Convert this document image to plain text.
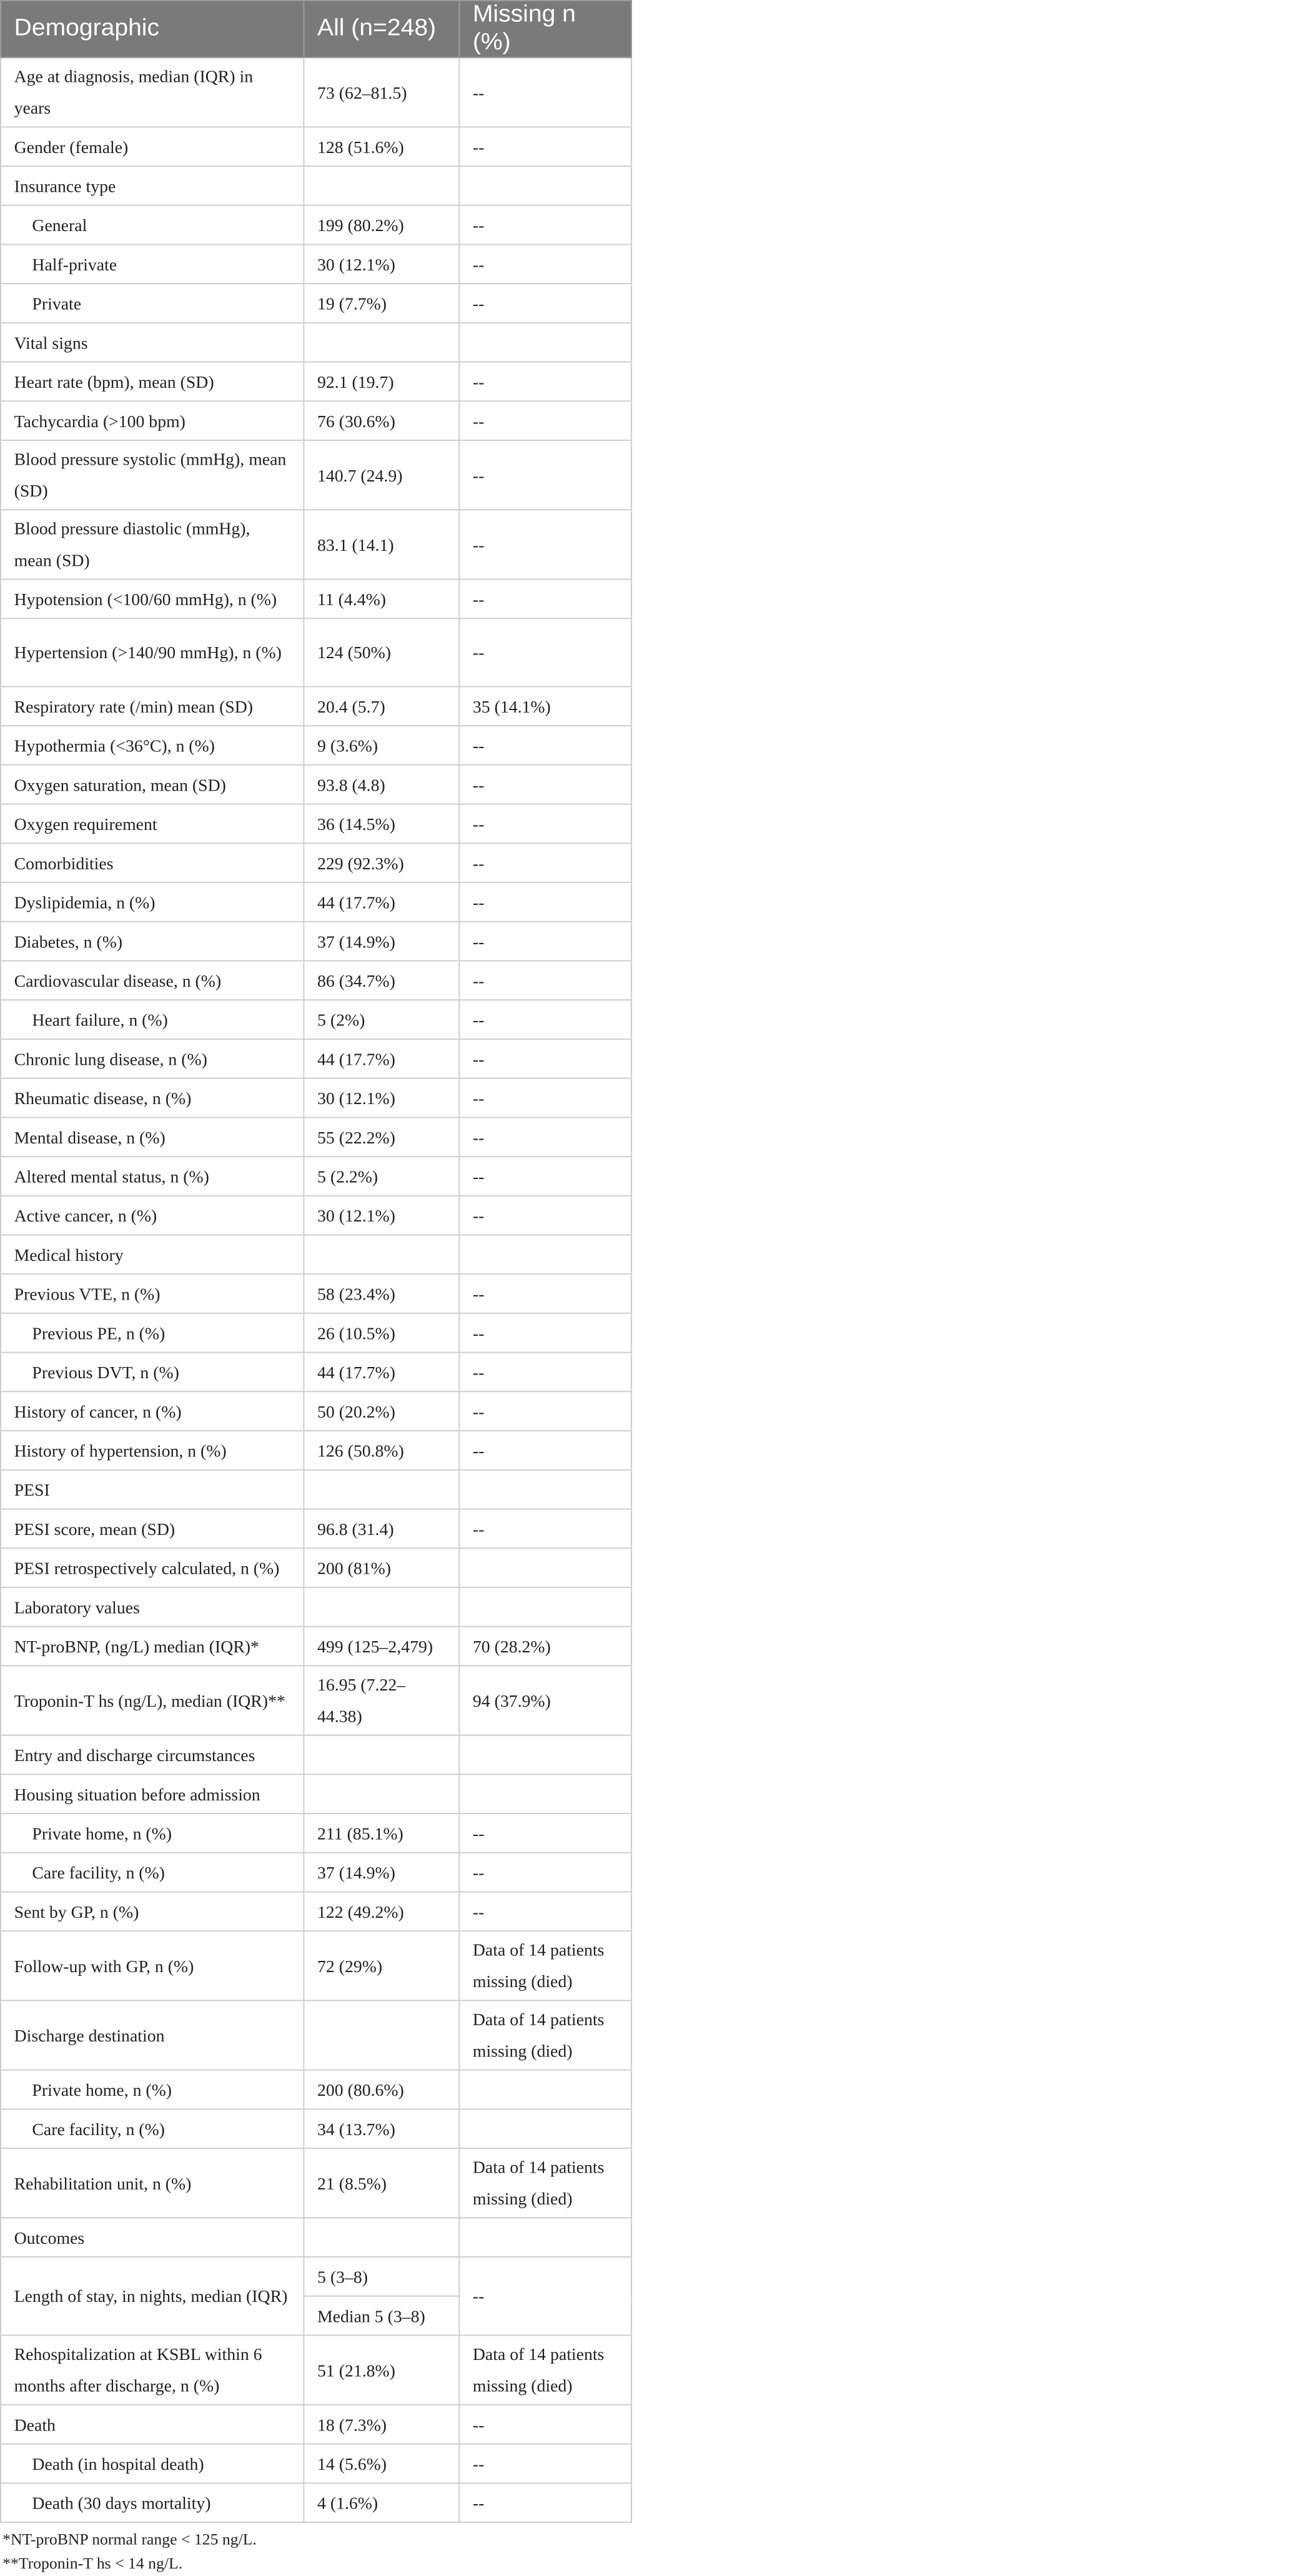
Demographic	All (n=248)	Missing n (%)	
Age at diagnosis, median (IQR) in years	73 (62–81.5)	--	
Gender (female)	128 (51.6%)	--	
Insurance type			
General	199 (80.2%)	--	
Half-private	30 (12.1%)	--	
Private	19 (7.7%)	--	
Vital signs			
Heart rate (bpm), mean (SD)	92.1 (19.7)	--	
Tachycardia (>100 bpm)	76 (30.6%)	--	
Blood pressure systolic (mmHg), mean (SD)	140.7 (24.9)	--	
Blood pressure diastolic (mmHg), mean (SD)	83.1 (14.1)	--	
Hypotension (<100/60 mmHg), n (%)	11 (4.4%)	--	
Hypertension (>140/90 mmHg), n (%)	124 (50%)	--	
Respiratory rate (/min) mean (SD)	20.4 (5.7)	35 (14.1%)	
Hypothermia (<36°C), n (%)	9 (3.6%)	--	
Oxygen saturation, mean (SD)	93.8 (4.8)	--	
Oxygen requirement	36 (14.5%)	--	
Comorbidities	229 (92.3%)	--	
Dyslipidemia, n (%)	44 (17.7%)	--	
Diabetes, n (%)	37 (14.9%)	--	
Cardiovascular disease, n (%)	86 (34.7%)	--	
Heart failure, n (%)	5 (2%)	--	
Chronic lung disease, n (%)	44 (17.7%)	--	
Rheumatic disease, n (%)	30 (12.1%)	--	
Mental disease, n (%)	55 (22.2%)	--	
Altered mental status, n (%)	5 (2.2%)	--	
Active cancer, n (%)	30 (12.1%)	--	
Medical history			
Previous VTE, n (%)	58 (23.4%)	--	
Previous PE, n (%)	26 (10.5%)	--	
Previous DVT, n (%)	44 (17.7%)	--	
History of cancer, n (%)	50 (20.2%)	--	
History of hypertension, n (%)	126 (50.8%)	--	
PESI			
PESI score, mean (SD)	96.8 (31.4)	--	
PESI retrospectively calculated, n (%)	200 (81%)		
Laboratory values			
NT-proBNP, (ng/L) median (IQR)*	499 (125–2,479)	70 (28.2%)	
Troponin-T hs (ng/L), median (IQR)**	16.95 (7.22–44.38)	94 (37.9%)	
Entry and discharge circumstances			
Housing situation before admission			
Private home, n (%)	211 (85.1%)	--	
Care facility, n (%)	37 (14.9%)	--	
Sent by GP, n (%)	122 (49.2%)	--	
Follow-up with GP, n (%)	72 (29%)	Data of 14 patients missing (died)	
Discharge destination		Data of 14 patients missing (died)	
Private home, n (%)	200 (80.6%)		
Care facility, n (%)	34 (13.7%)		
Rehabilitation unit, n (%)	21 (8.5%)	Data of 14 patients missing (died)	
Outcomes			
Length of stay, in nights, median (IQR)	5 (3–8)	--	
	Median 5 (3–8)		
Rehospitalization at KSBL within 6 months after discharge, n (%)	51 (21.8%)	Data of 14 patients missing (died)	
Death	18 (7.3%)	--	
Death (in hospital death)	14 (5.6%)	--	
Death (30 days mortality)	4 (1.6%)	--	
*NT-proBNP normal range < 125 ng/L.
**Troponin-T hs < 14 ng/L.
